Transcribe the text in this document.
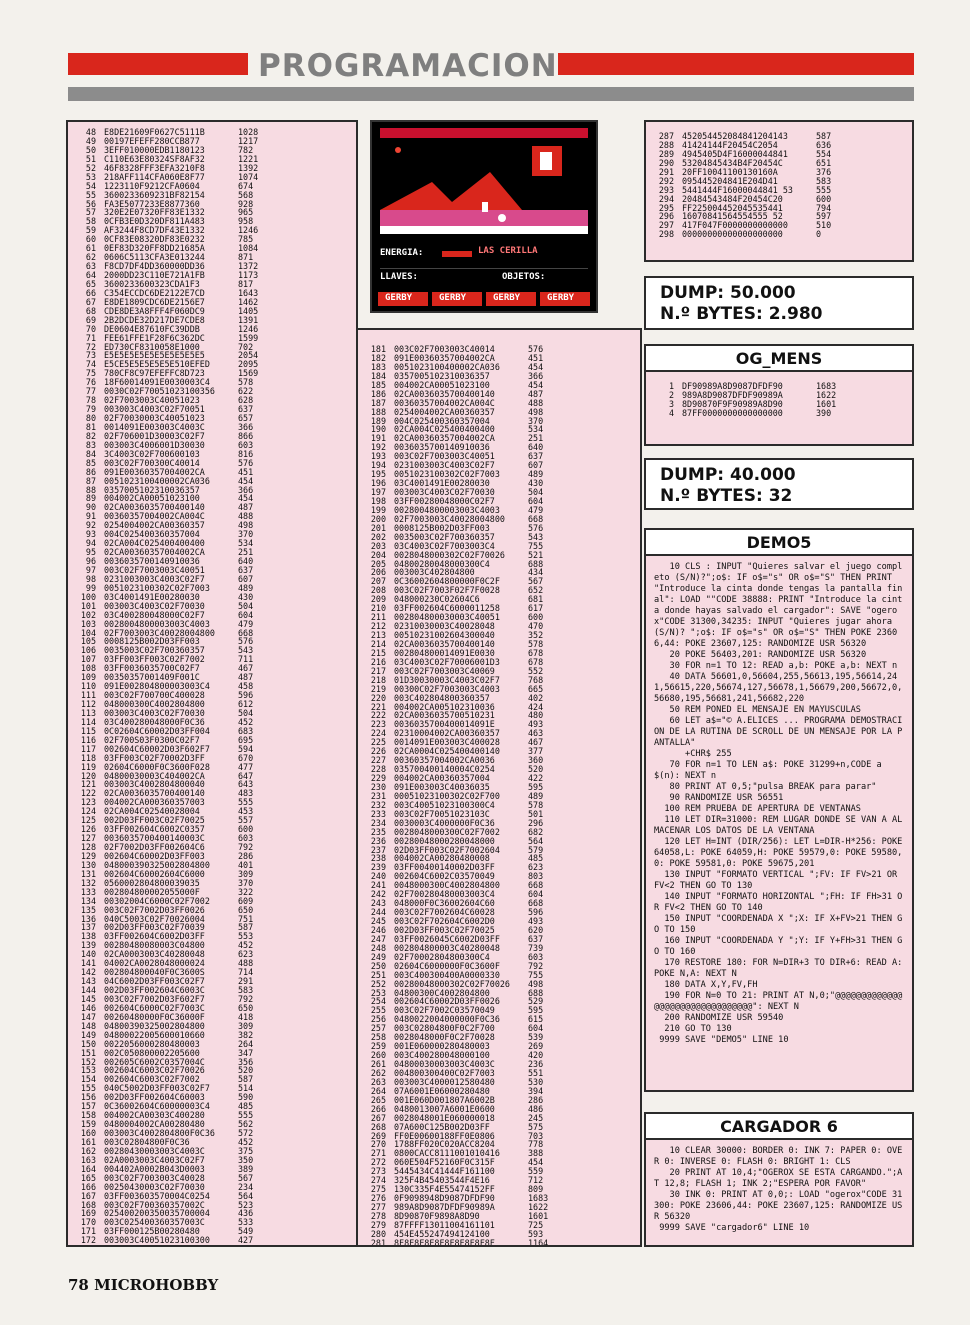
PROGRAMACION
48 E8DE21609F0627C5111B	1028
49 00197EFEFF280CCB877	1217
50 3EFF010000EDB1180123	782
51 C110E63E80324SF8AF32	1221
52 46F8328FFF3EFA3210F8	1392
53 218AFF114CFA060E8F77	1074
54 1223110F9212CFA0604	674
55 3600233609231BF82154	568
56 FA3E5077233E8877360	928
57 320E2E07320FF83E1332	965
58 0CFB3E0D320DF811A483	958
59 AF3244F8CD7DF43E1332	1246
60 0CF83E08320DF83E0232	785
61 0EF83D320FF8DD21685A	1084
62 0606C5113CFA3E013244	871
63 F8CD7DF4DD360000DD36	1372
64 2000DD23C110E721A1FB	1173
65 3600233600323CDA1F3	817
66 C354ECCDC6DE2122E7CD	1643
67 E8DE1809CDC6DE2156E7	1462
68 CDE8DE3A8FFF4F060DC9	1405
69 2B2DCDE32D217DE7CDE8	1391
70 DE0604E87610FC39DDB	1246
71 FEE61FFE1F28F6C362DC	1599
72 ED730CF8310058E1000	702
73 E5E5E5E5E5E5E5E5E5E5	2054
74 E5CE5E5E5E5E5E510EFED	2095
75 780CF8C97EFEFFC8D723	1569
76 18F60014091E0030003C4	578
77 0030C02F70051023100356	622
78 02F7003003C40051023	628
79 003003C4003C02F70051	637
80 02F70030003C40051023	657
81 0014091E003003C4003C	366
82 02F706001D30003C02F7	866
83 003003C4006001D30030	603
84 3C4003C02F700600103	816
85 003C02F700300C40014	576
86 091E00360357004002CA	451
87 0051023100400002CA036	454
88 0357005102310036357	366
89 004002CA00051023100	454
90 02CA0036035700400140	487
91 00360357004002CA004C	488
92 0254004002CA00360357	498
93 004C025400360357004	370
94 02CA004C025400400400	534
95 02CA00360357004002CA	251
96 0036035700140910036	640
97 003C02F7003003C40051	637
98 0231003003C4003C02F7	607
99 0051023100302C02F7003	489
100 03C4001491E00280030	430
101 003003C4003C02F70030	504
102 03C400280048000C02F7	604
103 0028004800003003C4003	479
104 02F7003003C40028004800	668
105 0008125B002D03FF003	576
106 0035003C02F700360357	543
107 03FF003FF003C02F7002	711
108 03FF0036035700C02F7	467
109 00350357001409F001C	487
110 091E002804800003003C4	458
111 003C02F700700C400028	596
112 048000300C4002804800	612
113 003003C4003C02F70030	504
114 03C400280048000F0C36	452
115 0C02604C60002D03FF004	683
116 02F700S03F0300C02F7	695
117 002604C60002D03F602F7	594
118 03FF003C02F70002D3FF	670
119 02604C6000F0C3600F028	477
120 04800030003C404002CA	647
121 003003C4002804800040	643
122 02CA0036035700400140	483
123 004002CA000360357003	555
124 02CA004C02540028004	453
125 002D03FF003C02F70025	557
126 03FF002604C6002C0357	600
127 0036035700400140003C	603
128 02F7002D03FF002604C6	792
129 002604C60002D03FF003	286
130 048000390325002804800	401
131 002604C60002604C6000	309
132 0560002804800039035	370
133 002804800002055000F	322
134 00302004C6000C02F7002	609
135 003C02F7002D03FF0026	650
136 040C5003C02F70026004	751
137 002D03FF003C02F70039	587
138 03FF002604C6002D03FF	553
139 00280480080003C04800	452
140 02CA0003003C40280048	623
141 04002CA0028048000024	488
142 002804800040F0C3600S	714
143 04C6002D03FF003C02F7	291
144 002D03FF002604C6003C	583
145 003C02F7002D03F602F7	792
146 002604C6000C02F7003C	650
147 00260480000F0C36000F	418
148 04800390325002804800	309
149 04800022005600010660	382
150 0022056000280480003	264
151 002C050800002205600	347
152 002605C6002C0357004C	356
153 002604C6003C02F70026	520
154 002604C6003C02F7002	587
155 040C5002D03FF003C02F7	514
156 002D03FF002604C60003	590
157 0C36002604C60000003C4	485
158 004002CA00303C400280	555
159 0480004002CA00280480	562
160 003003C4002804800F0C36	572
161 003C02804800F0C36	452
162 00280430003003C4003C	375
163 02A0003003C4003C02F7	350
164 004402A0002B043D0003	389
165 003C02F7003003C40028	567
166 00250430003C02F70030	234
167 03FF003603570004C0254	564
168 003C02F700360357002C	523
169 025400200350035700004	436
170 003C025400360357003C	533
171 03FF000125B00280480	549
172 003003C40051023100300	427
ENERGIA:	LAS CERILLA
LLAVES:	OBJETOS:
GERBY	GERBY	GERBY	GERBY
181 003C02F7003003C40014	576
182 091E00360357004002CA	451
183 0051023100400002CA036	454
184 0357005102310036357	366
185 004002CA00051023100	454
186 02CA0036035700400140	487
187 00360357004002CA004C	488
188 0254004002CA00360357	498
189 004C025400360357004	370
190 02CA004C025400400400	534
191 02CA00360357004002CA	251
192 0036035700140910036	640
193 003C02F7003003C40051	637
194 0231003003C4003C02F7	607
195 0051023100302C02F7003	489
196 03C4001491E00280030	430
197 003003C4003C02F70030	504
198 03FF00280048000C02F7	604
199 0028004800003003C4003	479
200 02F7003003C40028004800	668
201 0008125B002D03FF003	576
202 0035003C02F700360357	543
203 03C4003C02F7003003C4	755
204 0028048000302C02F70026	521
205 04800280048000300C4	688
206 003003C402804800	434
207 0C36002604800000F0C2F	567
208 003C02F7003F02F7F0028	652
209 048000230C02604C6	681
210 03FF002604C6000011258	617
211 002804800030003C40051	600
212 02310030003C40028048	470
213 00510231002604300040	352
214 02CA0036035700400140	578
215 002804800014091E0030	678
216 03C4003C02F70006001D3	678
217 003C02F7003003C40069	552
218 01D30030003C4003C02F7	768
219 00300C02F7003003C4003	665
220 003C402804800360357	402
221 004002CA005102310036	424
222 02CA0036035700510231	480
223 0036035700400014091E	493
224 02310004002CA00360357	463
225 0014091E003003C400028	467
226 02CA0004C025400400140	377
227 00360357004002CA0036	360
228 035700400140004C0254	520
229 004002CA00360357004	422
230 091E003003C40036035	595
231 00051023100302C02F700	489
232 003C40051023100300C4	578
233 003C02F70051023103C	501
234 0030003C4000000F0C36	296
235 0028048000300C02F7002	682
236 00280048000280048000	564
237 02D03FF003C02F7002604	579
238 004002CA00280480008	485
239 03FF00400140002D03FF	623
240 002604C6002C03570049	803
241 0048000300C4002804800	668
242 02F700280480003003C4	604
243 048000F0C36002604C60	668
244 003C02F7002604C60028	596
245 003C02F702604C6002D0	493
246 002D03FF003C02F70025	620
247 03FF0026045C6002D03FF	637
248 002804800003C40280048	739
249 02F70002804800300C4	603
250 02604C6000000F0C3600F	792
251 003C400300400A0000330	755
252 00280048000302C02F70026	498
253 04800300C4002804800	688
254 002604C60002D03FF0026	529
255 003C02F7002C03570049	595
256 0480022004000000F0C36	615
257 003C02804800F0C2F700	604
258 0028048000F0C2F70028	539
259 001E060000280480003	269
260 003C400280048000100	420
261 04800030003003C4003C	236
262 004800300400C02F7003	551
263 003003C4000012580480	530
264 07A6001E06000280480	394
265 001E060D001807A6002B	286
266 0480013007A6001E0600	486
267 0028048001E060000018	245
268 07A600C125B002D03FF	575
269 FF0E00600188FF0E0806	703
270 1788FF020C020ACC8204	778
271 0800CACC8111001010416	388
272 060E504F52160F0C315F	454
273 5445434C41444F161100	559
274 325F4B45403544F4E16	712
275 130C335F4E55474152FF	809
276 0F9098948D9087DFDF90	1683
277 989A8D9087DFDF90989A	1622
278 8D90870F9898A8D90	1601
279 87FFFF13011004161101	725
280 454E455247494124100	593
281 8F8F8F8F8F8F8F8F8F8F	1164
287 452054452084841204143	587
288 41424144F20454C2054	636
289 4945405D4F16000044841	554
290 53204845434B4F20454C	651
291 20FF10041100130160A	376
292 095445204841E204D41	583
293 5441444F16000044841 53	555
294 20484543484F20454C20	600
295 FF225004452045535441	794
296 16070841564554555 52	597
297 417F047F0000000000000	510
298 00000000000000000000	0
DUMP: 50.000
N.º BYTES: 2.980
OG_MENS
1 DF90989A8D9087DFDF90	1683
2 989A8D9087DFDF90989A	1622
3 8D90870F9F90989A8D90	1601
4 87FF0000000000000000	390
DUMP: 40.000
N.º BYTES: 32
DEMO5
10 CLS : INPUT "Quieres salvar el juego completo (S/N)?";o$: IF o$="s" OR o$="S" THEN PRINT "Introduce la cinta donde tengas la pantalla final": LOAD ""CODE 38888: PRINT "Introduce la cinta donde hayas salvado el cargador": SAVE "ogerox"CODE 31300,34235: INPUT "Quieres jugar ahora (S/N)? ";o$: IF o$="s" OR o$="S" THEN POKE 23606,44: POKE 23607,125: RANDOMIZE USR 56320
20 POKE 56403,201: RANDOMIZE USR 56320
30 FOR n=1 TO 12: READ a,b: POKE a,b: NEXT n
40 DATA 56601,0,56604,255,56613,195,56614,241,56615,220,56674,127,56678,1,56679,200,56672,0,56680,195,56681,241,56682,220
50 REM PONED EL MENSAJE EN MAYUSCULAS
60 LET a$="© A.ELICES ... PROGRAMA DEMOSTRACION DE LA RUTINA DE SCROLL DE UN MENSAJE POR LA PANTALLA"
+CHR$ 255
70 FOR n=1 TO LEN a$: POKE 31299+n,CODE a$(n): NEXT n
80 PRINT AT 0,5;"pulsa BREAK para parar"
90 RANDOMIZE USR 56551
100 REM PRUEBA DE APERTURA DE VENTANAS
110 LET DIR=31000: REM LUGAR DONDE SE VAN A ALMACENAR LOS DATOS DE LA VENTANA
120 LET H=INT (DIR/256): LET L=DIR-H*256: POKE 64058,L: POKE 64059,H: POKE 59579,0: POKE 59580,0: POKE 59581,0: POKE 59675,201
130 INPUT "FORMATO VERTICAL ";FV: IF FV>21 OR FV<2 THEN GO TO 130
140 INPUT "FORMATO HORIZONTAL ";FH: IF FH>31 OR FV<2 THEN GO TO 140
150 INPUT "COORDENADA X ";X: IF X+FV>21 THEN GO TO 150
160 INPUT "COORDENADA Y ";Y: IF Y+FH>31 THEN GO TO 160
170 RESTORE 180: FOR N=DIR+3 TO DIR+6: READ A: POKE N,A: NEXT N
180 DATA X,Y,FV,FH
190 FOR N=0 TO 21: PRINT AT N,0;"@@@@@@@@@@@@@@@@@@@@@@@@@@@@@@@@": NEXT N
200 RANDOMIZE USR 59540
210 GO TO 130
9999 SAVE "DEMO5" LINE 10
CARGADOR 6
10 CLEAR 30000: BORDER 0: INK 7: PAPER 0: OVER 0: INVERSE 0: FLASH 0: BRIGHT 1: CLS
20 PRINT AT 10,4;"OGEROX SE ESTA CARGANDO.";AT 12,8; FLASH 1; INK 2;"ESPERA POR FAVOR"
30 INK 0: PRINT AT 0,0;: LOAD "ogerox"CODE 31300: POKE 23606,44: POKE 23607,125: RANDOMIZE USR 56320
9999 SAVE "cargador6" LINE 10
78 MICROHOBBY
